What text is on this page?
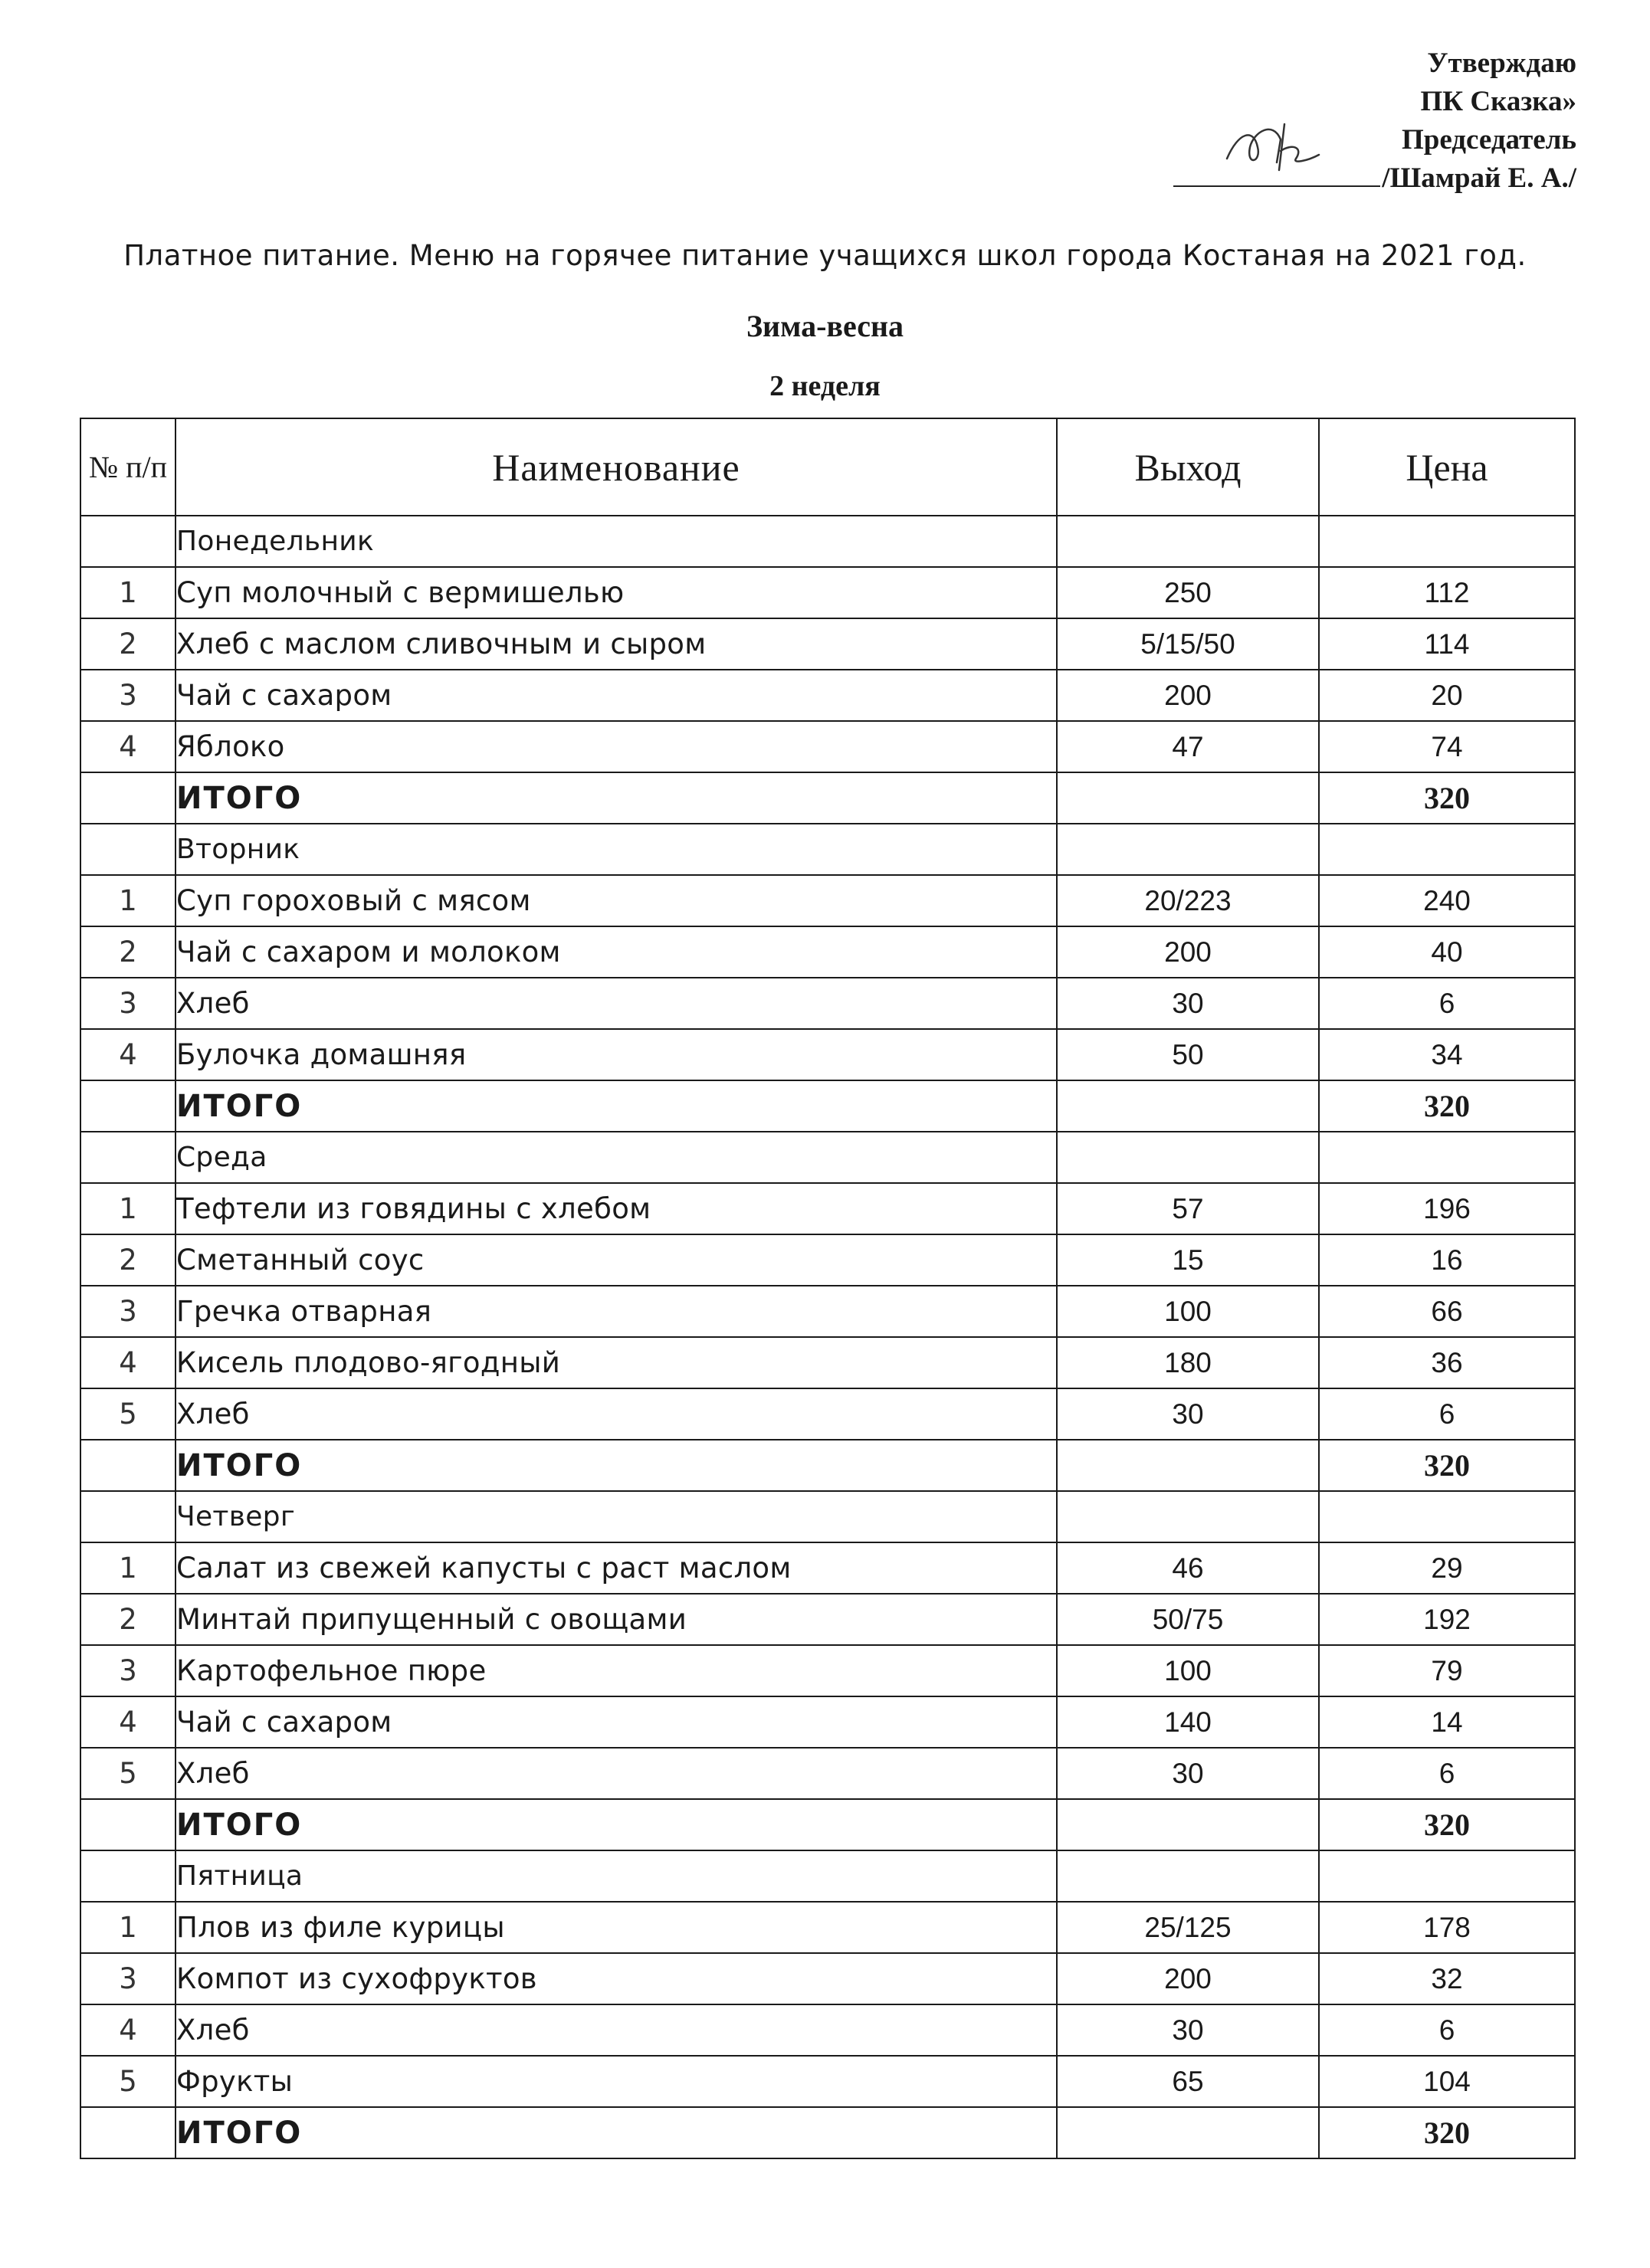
Утверждаю
ПК Сказка»
Председатель
/Шамрай Е. А./
Платное питание. Меню на горячее питание учащихся школ города Костаная на 2021 год.
Зима-весна
2 неделя
№ п/п	Наименование	Выход	Цена
	Понедельник		
1	Суп молочный с вермишелью	250	112
2	Хлеб с маслом сливочным и сыром	5/15/50	114
3	Чай с сахаром	200	20
4	Яблоко	47	74
	ИТОГО		320
	Вторник		
1	Суп гороховый с мясом	20/223	240
2	Чай с сахаром и молоком	200	40
3	Хлеб	30	6
4	Булочка домашняя	50	34
	ИТОГО		320
	Среда		
1	Тефтели из говядины с хлебом	57	196
2	Сметанный соус	15	16
3	Гречка отварная	100	66
4	Кисель плодово-ягодный	180	36
5	Хлеб	30	6
	ИТОГО		320
	Четверг		
1	Салат из свежей капусты с раст маслом	46	29
2	Минтай припущенный с овощами	50/75	192
3	Картофельное пюре	100	79
4	Чай с сахаром	140	14
5	Хлеб	30	6
	ИТОГО		320
	Пятница		
1	Плов из филе курицы	25/125	178
3	Компот из сухофруктов	200	32
4	Хлеб	30	6
5	Фрукты	65	104
	ИТОГО		320
